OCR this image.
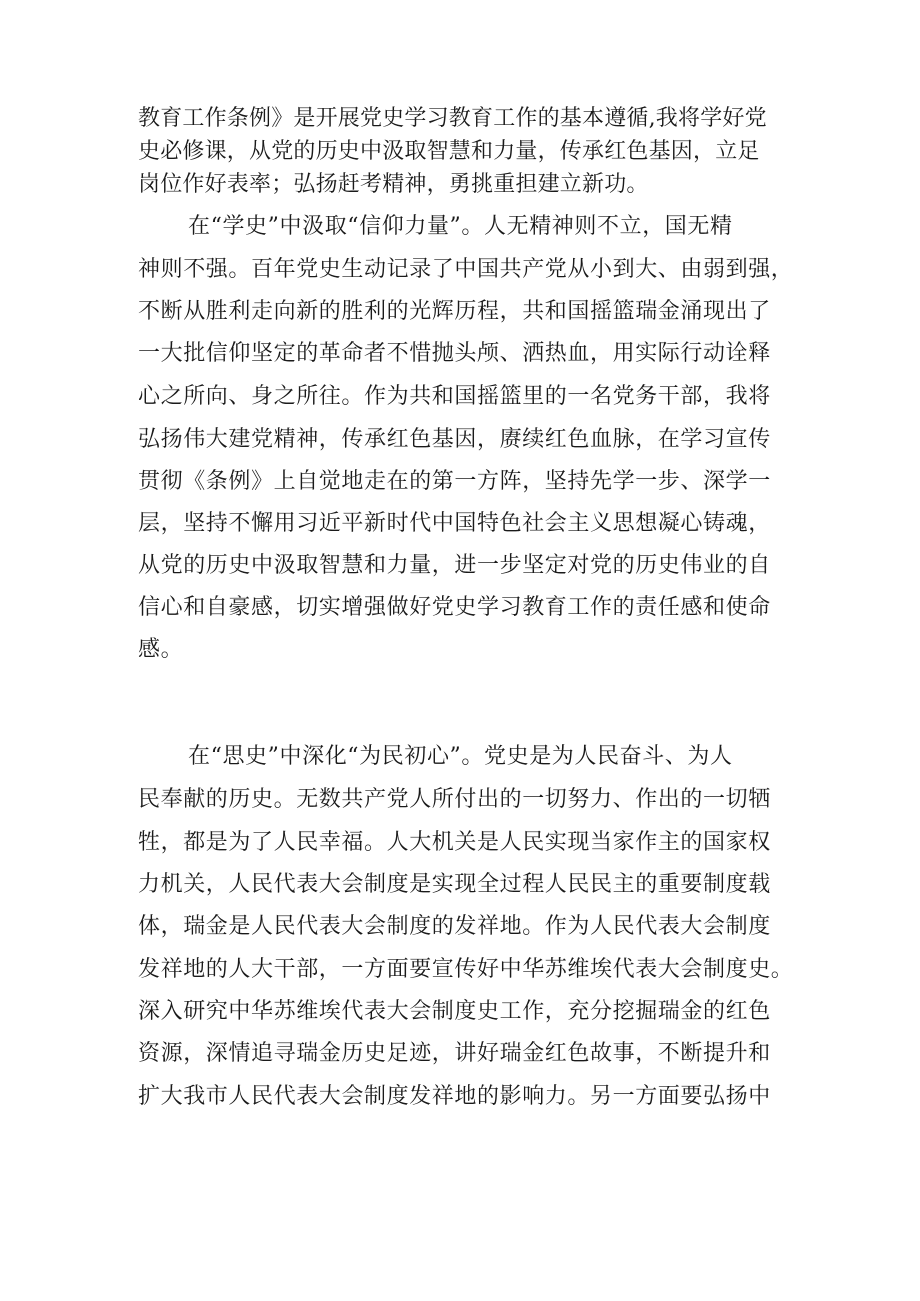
教育工作条例》是开展党史学习教育工作的基本遵循,我将学好党
史必修课，从党的历史中汲取智慧和力量，传承红色基因，立足
岗位作好表率；弘扬赶考精神，勇挑重担建立新功。
在“学史”中汲取“信仰力量”。人无精神则不立，国无精
神则不强。百年党史生动记录了中国共产党从小到大、由弱到强，
不断从胜利走向新的胜利的光辉历程，共和国摇篮瑞金涌现出了
一大批信仰坚定的革命者不惜抛头颅、洒热血，用实际行动诠释
心之所向、身之所往。作为共和国摇篮里的一名党务干部，我将
弘扬伟大建党精神，传承红色基因，赓续红色血脉，在学习宣传
贯彻《条例》上自觉地走在的第一方阵，坚持先学一步、深学一
层，坚持不懈用习近平新时代中国特色社会主义思想凝心铸魂，
从党的历史中汲取智慧和力量，进一步坚定对党的历史伟业的自
信心和自豪感，切实增强做好党史学习教育工作的责任感和使命
感。
在“思史”中深化“为民初心”。党史是为人民奋斗、为人
民奉献的历史。无数共产党人所付出的一切努力、作出的一切牺
牲，都是为了人民幸福。人大机关是人民实现当家作主的国家权
力机关，人民代表大会制度是实现全过程人民民主的重要制度载
体，瑞金是人民代表大会制度的发祥地。作为人民代表大会制度
发祥地的人大干部，一方面要宣传好中华苏维埃代表大会制度史。
深入研究中华苏维埃代表大会制度史工作，充分挖掘瑞金的红色
资源，深情追寻瑞金历史足迹，讲好瑞金红色故事，不断提升和
扩大我市人民代表大会制度发祥地的影响力。另一方面要弘扬中
